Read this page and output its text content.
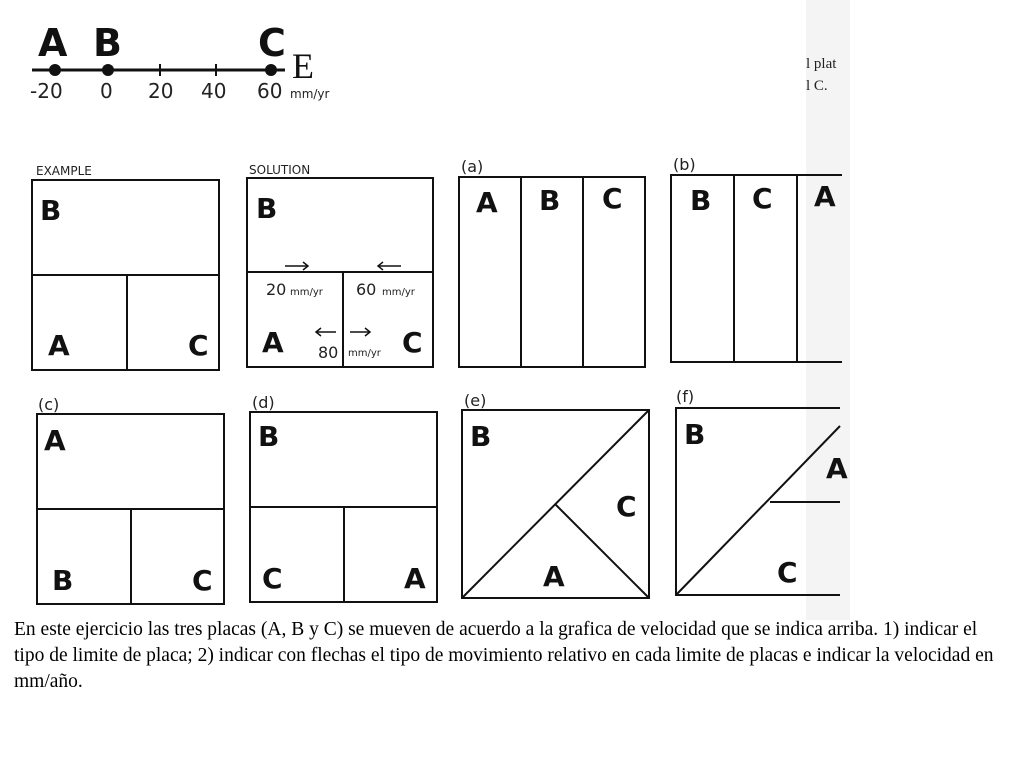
l plat
l C.
A B	C
-20 0 20 40 60
E
mm/yr
EXAMPLE
B
A	C
SOLUTION
B
A	C
20 mm/yr 60 mm/yr
80 mm/yr
(a)
A B C
(b)
B C A
(c)
A
B	C
(d)
B
C	A
(e)
B
C
A
(f)
B
A
C
En este ejercicio las tres placas (A, B y C) se mueven de acuerdo a la grafica de velocidad que se indica arriba. 1) indicar el tipo de limite de placa; 2) indicar con flechas el tipo de movimiento relativo en cada limite de placas e indicar la velocidad en mm/año.
